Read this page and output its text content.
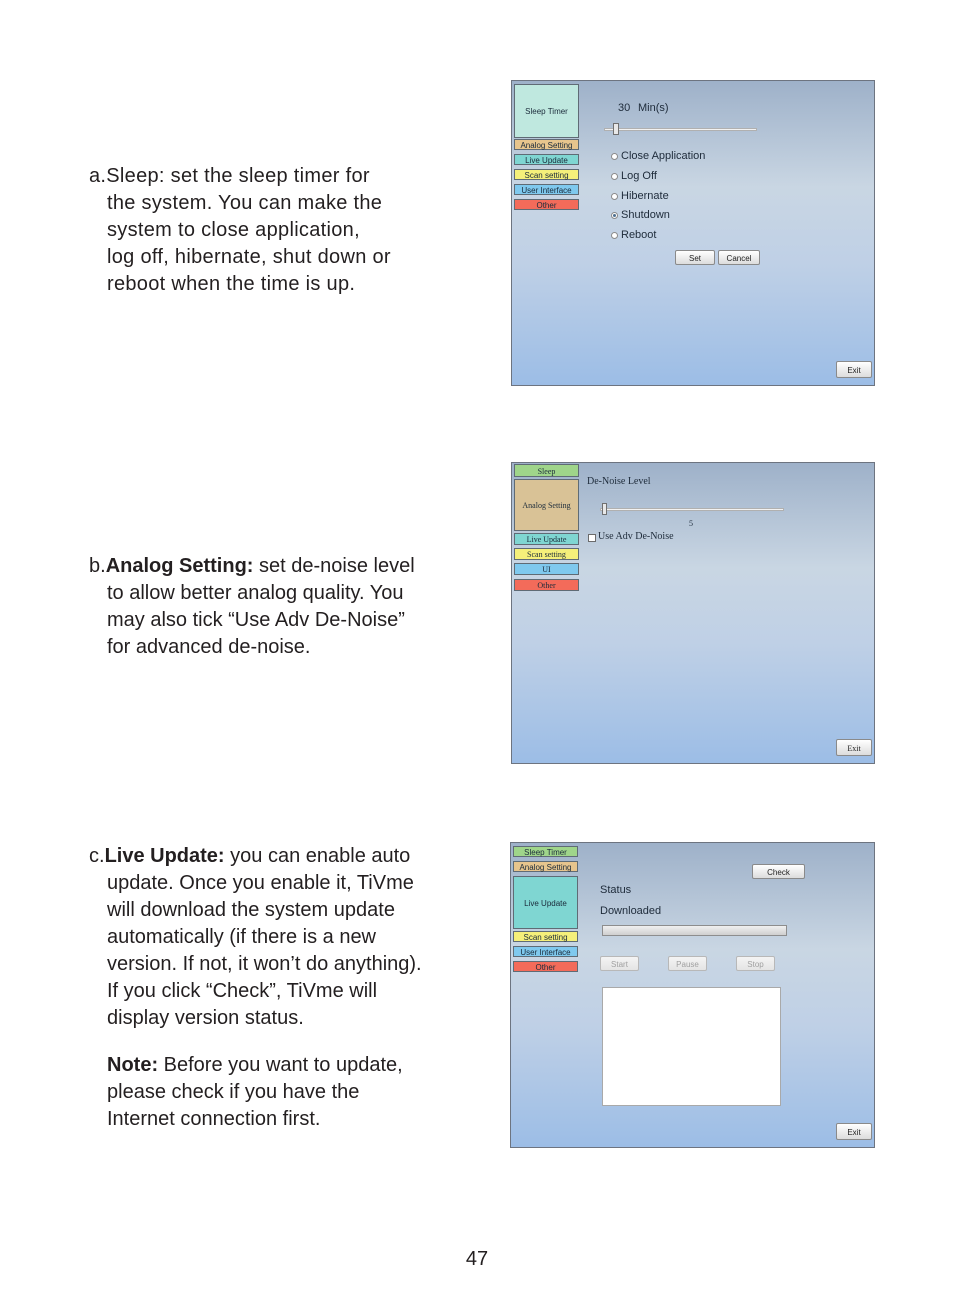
a.Sleep: set the sleep timer for
the system. You can make the
system to close application,
log off, hibernate, shut down or
reboot when the time is up.
Sleep Timer
Analog Setting
Live Update
Scan setting
User Interface
Other
30 Min(s)
Close Application
Log Off
Hibernate
Shutdown
Reboot
Set	Cancel
Exit
b.Analog Setting: set de-noise level
to allow better analog quality. You
may also tick “Use Adv De-Noise”
for advanced de-noise.
Sleep
Analog Setting
Live Update
Scan setting
UI
Other
De-Noise Level
5
Use Adv De-Noise
Exit
c.Live Update: you can enable auto
update. Once you enable it, TiVme
will download the system update
automatically (if there is a new
version. If not, it won’t do anything).
If you click “Check”, TiVme will
display version status.
Note: Before you want to update,
please check if you have the
Internet connection first.
Sleep Timer
Analog Setting
Live Update
Scan setting
User Interface
Other
Check
Status
Downloaded
Start	Pause	Stop
Exit
47
